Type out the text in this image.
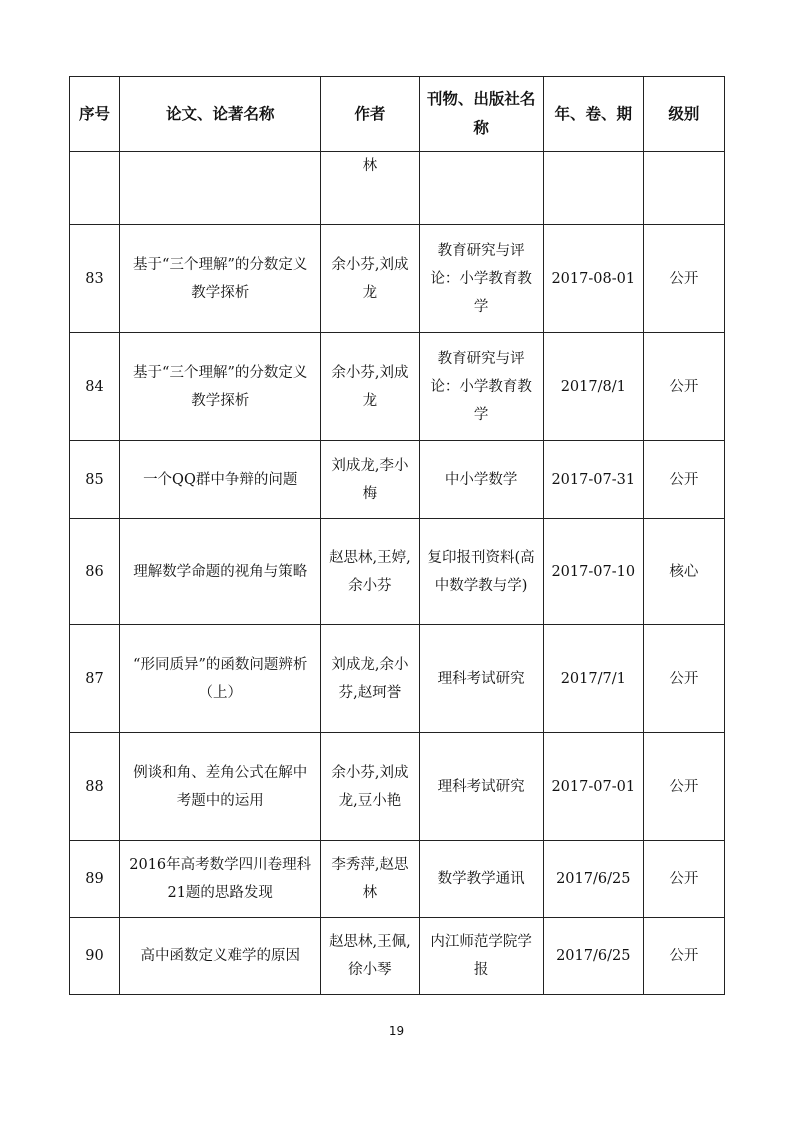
序号	论文、论著名称	作者	刊物、出版社名称	年、卷、期	级别
		林			
83	基于“三个理解”的分数定义教学探析	余小芬,刘成龙	教育研究与评论：小学教育教学	2017-08-01	公开
84	基于“三个理解”的分数定义教学探析	余小芬,刘成龙	教育研究与评论：小学教育教学	2017/8/1	公开
85	一个QQ群中争辩的问题	刘成龙,李小梅	中小学数学	2017-07-31	公开
86	理解数学命题的视角与策略	赵思林,王婷,余小芬	复印报刊资料(高中数学教与学)	2017-07-10	核心
87	“形同质异”的函数问题辨析（上）	刘成龙,余小芬,赵珂誉	理科考试研究	2017/7/1	公开
88	例谈和角、差角公式在解中考题中的运用	余小芬,刘成龙,豆小艳	理科考试研究	2017-07-01	公开
89	2016年高考数学四川卷理科21题的思路发现	李秀萍,赵思林	数学教学通讯	2017/6/25	公开
90	高中函数定义难学的原因	赵思林,王佩,徐小琴	内江师范学院学报	2017/6/25	公开
19
